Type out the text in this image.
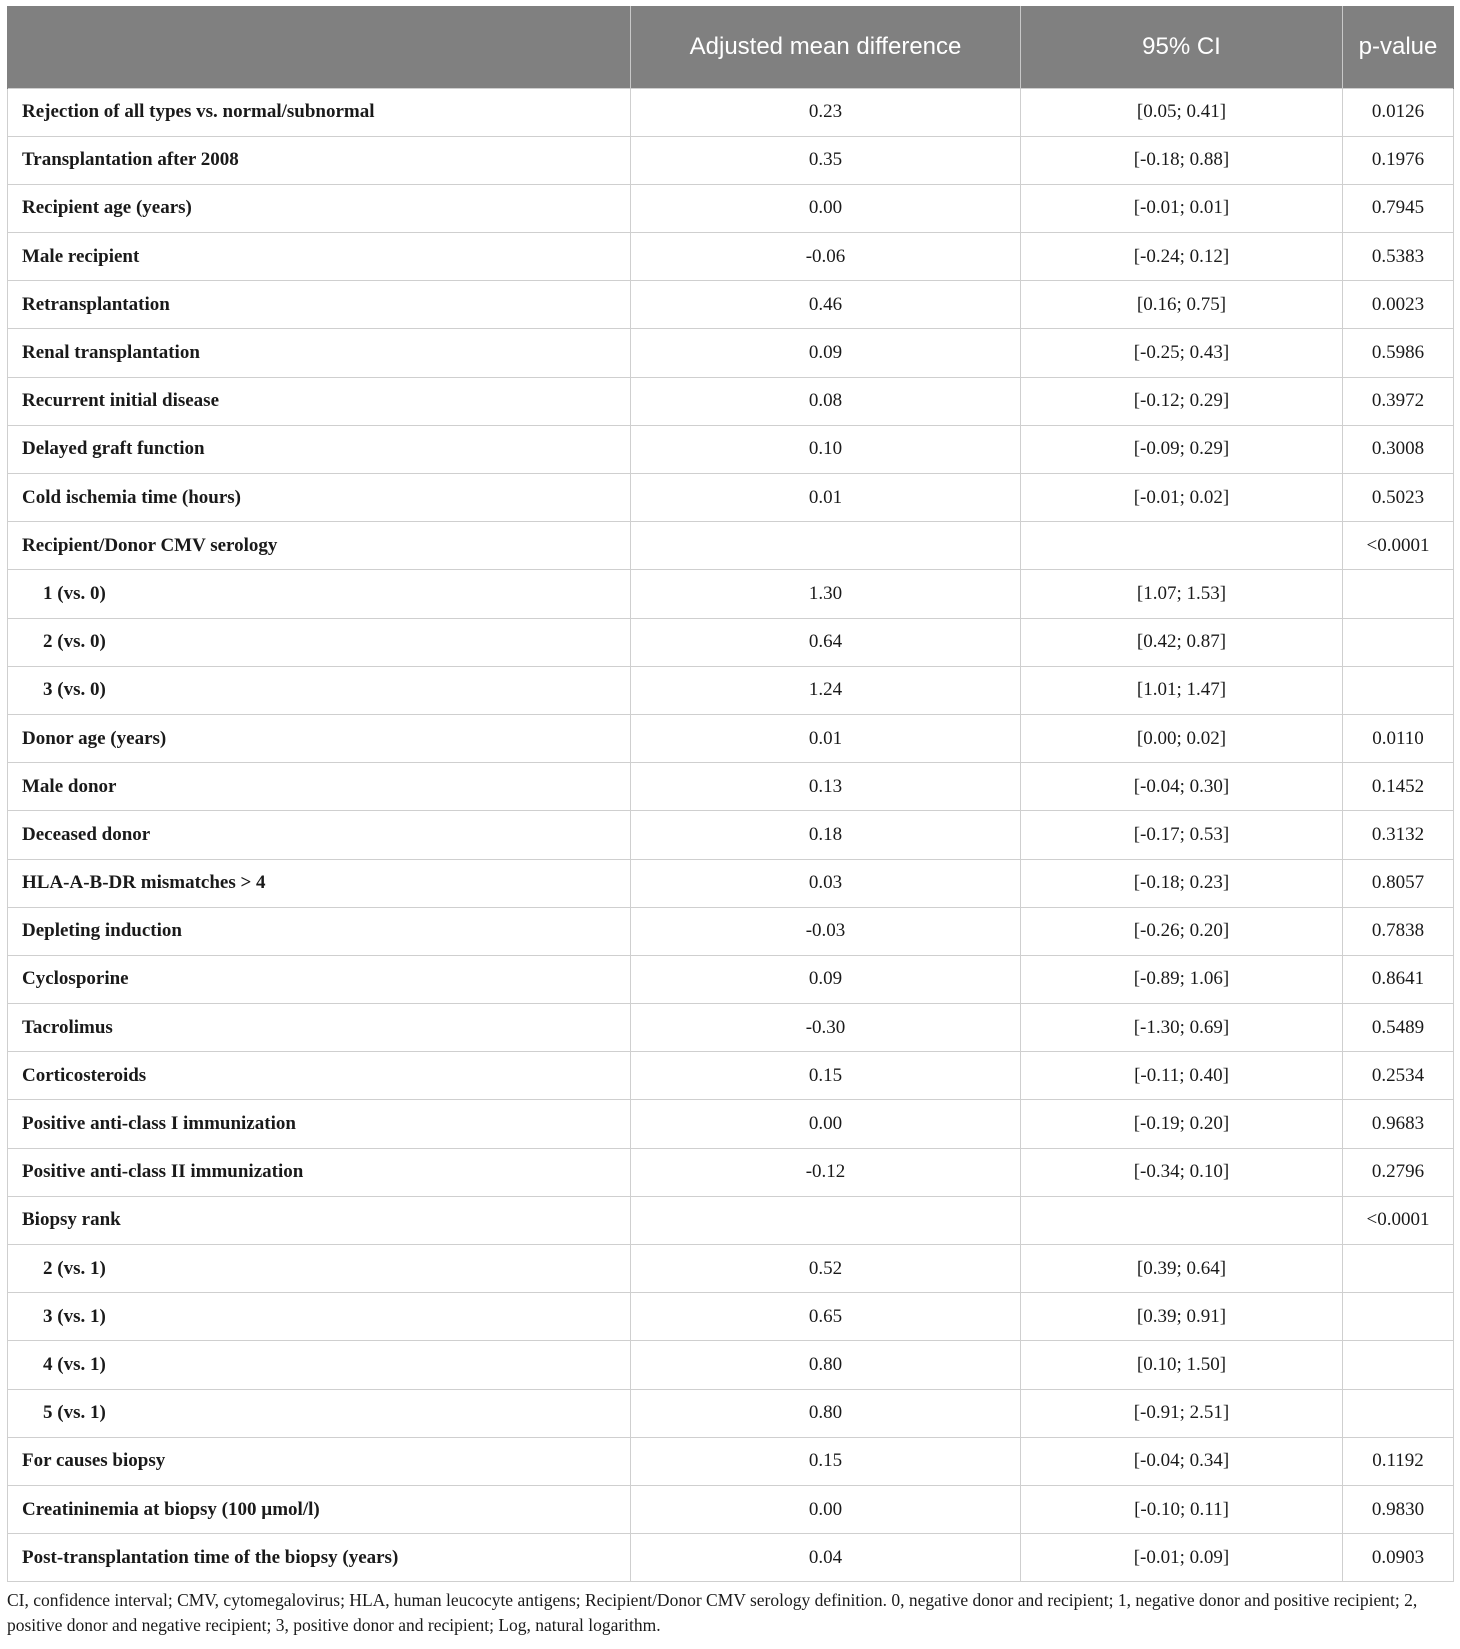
	Adjusted mean difference	95% CI	p-value
Rejection of all types vs. normal/subnormal	0.23	[0.05; 0.41]	0.0126
Transplantation after 2008	0.35	[-0.18; 0.88]	0.1976
Recipient age (years)	0.00	[-0.01; 0.01]	0.7945
Male recipient	-0.06	[-0.24; 0.12]	0.5383
Retransplantation	0.46	[0.16; 0.75]	0.0023
Renal transplantation	0.09	[-0.25; 0.43]	0.5986
Recurrent initial disease	0.08	[-0.12; 0.29]	0.3972
Delayed graft function	0.10	[-0.09; 0.29]	0.3008
Cold ischemia time (hours)	0.01	[-0.01; 0.02]	0.5023
Recipient/Donor CMV serology			<0.0001
1 (vs. 0)	1.30	[1.07; 1.53]	
2 (vs. 0)	0.64	[0.42; 0.87]	
3 (vs. 0)	1.24	[1.01; 1.47]	
Donor age (years)	0.01	[0.00; 0.02]	0.0110
Male donor	0.13	[-0.04; 0.30]	0.1452
Deceased donor	0.18	[-0.17; 0.53]	0.3132
HLA-A-B-DR mismatches > 4	0.03	[-0.18; 0.23]	0.8057
Depleting induction	-0.03	[-0.26; 0.20]	0.7838
Cyclosporine	0.09	[-0.89; 1.06]	0.8641
Tacrolimus	-0.30	[-1.30; 0.69]	0.5489
Corticosteroids	0.15	[-0.11; 0.40]	0.2534
Positive anti-class I immunization	0.00	[-0.19; 0.20]	0.9683
Positive anti-class II immunization	-0.12	[-0.34; 0.10]	0.2796
Biopsy rank			<0.0001
2 (vs. 1)	0.52	[0.39; 0.64]	
3 (vs. 1)	0.65	[0.39; 0.91]	
4 (vs. 1)	0.80	[0.10; 1.50]	
5 (vs. 1)	0.80	[-0.91; 2.51]	
For causes biopsy	0.15	[-0.04; 0.34]	0.1192
Creatininemia at biopsy (100 µmol/l)	0.00	[-0.10; 0.11]	0.9830
Post-transplantation time of the biopsy (years)	0.04	[-0.01; 0.09]	0.0903
CI, confidence interval; CMV, cytomegalovirus; HLA, human leucocyte antigens; Recipient/Donor CMV serology definition. 0, negative donor and recipient; 1, negative donor and positive recipient; 2, positive donor and negative recipient; 3, positive donor and recipient; Log, natural logarithm.
